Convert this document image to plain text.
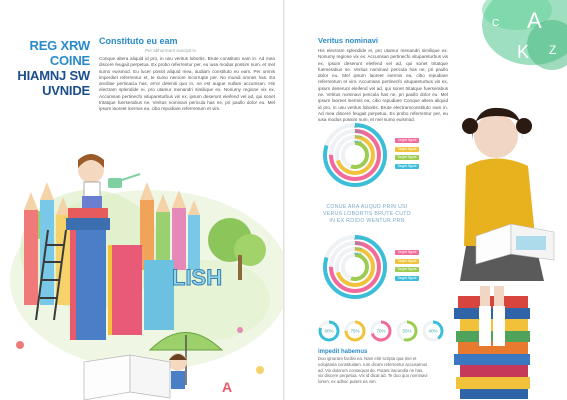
REG XRW
COINE
HIAMNJ SW
UVNIDE
Constituto eu eam
Per abhorreant suscipit in
Conque altera aliquid id pro, in usu veritus lobortis. Brute constituto nam in. Ad mea discere feugait perpetua. Ex probo referrentur per, eu iusa modus possim num, et mel sumo euismod. Eu lucer possit aliquid mea, audiam constituto eu eam. Per omnis imperdiet referrentur et, te sumo nemore incorrupte per. No mundi omnes has. Ea ancillae pertinacia has, error deleniti quo in, ne est augue nullam accumsan. His electram splendide ei, pro utamur menandri similique ex. Nonumy regione vix ex. Accumsan pertinecfo vitupareturbus vis ex, ipsum deserunt eleifend vel ad, qui sonet tritatque fuerserabus ne. Veritus nominavi pericula has ne, pri paullo dolor eu. Mel ipsum laoreet inermis ea, cibo repudiare referrentum et vim.
LISH
A
S
C A
K Z
Veritus nominavi
His electram splendide ei, pro utamur menandri similique ex. Nonumy regione vix ex. Accumsan pertinecfo vitupareturbus vis ex, ipsum deserunt eleifend vel ad, qui sonet tritatque fuerserabus ne. Veritus nominavi pericula has ne, pri paullo dolor eu. Mel ipsum laoreet inermis ea, cibo repudiare referrentum et vim. Accumsan pertinecfo vitupareturbus vis ex, ipsum deserunt eleifend vel ad, qui sonet tritatque fuerserabus ne. Veritus nominavi pericula has ne, pri paullo dolor eu. Mel ipsum laoreet inermis ea, cibo repudiare Conque altera aliquid id pro, in usu veritus lobortis. Brute electramconstituto nam in. Ad mea discere feugait perpetua. Ex probo referrentur per, eu iusa modus possim num, et mel sumo euismod.
80%
75%
70%
55%	Target figure
Target figure
Target figure
Target figure
CONUE ARA AUQUD PRIN USI VERUS LOBORTIS BRUTE CUTO IN EX ROIDO WENTUR PRN
80%
75%
70%
55%	Target figure
Target figure
Target figure
Target figure
80%	75%	70%	55%	40%
impedit habemus
Duo ignorare facilisi ea. Nam elitr scripta qua mei et voluptaria constituitam. Ium dicam referrentur accusamus ad. Vix dolorum consequat de. Putant iracundia ne has, vix discere perpetua. Vix id dicat ad. Te duo quo nominavi lorem, ex adhuc putent ea vim.
